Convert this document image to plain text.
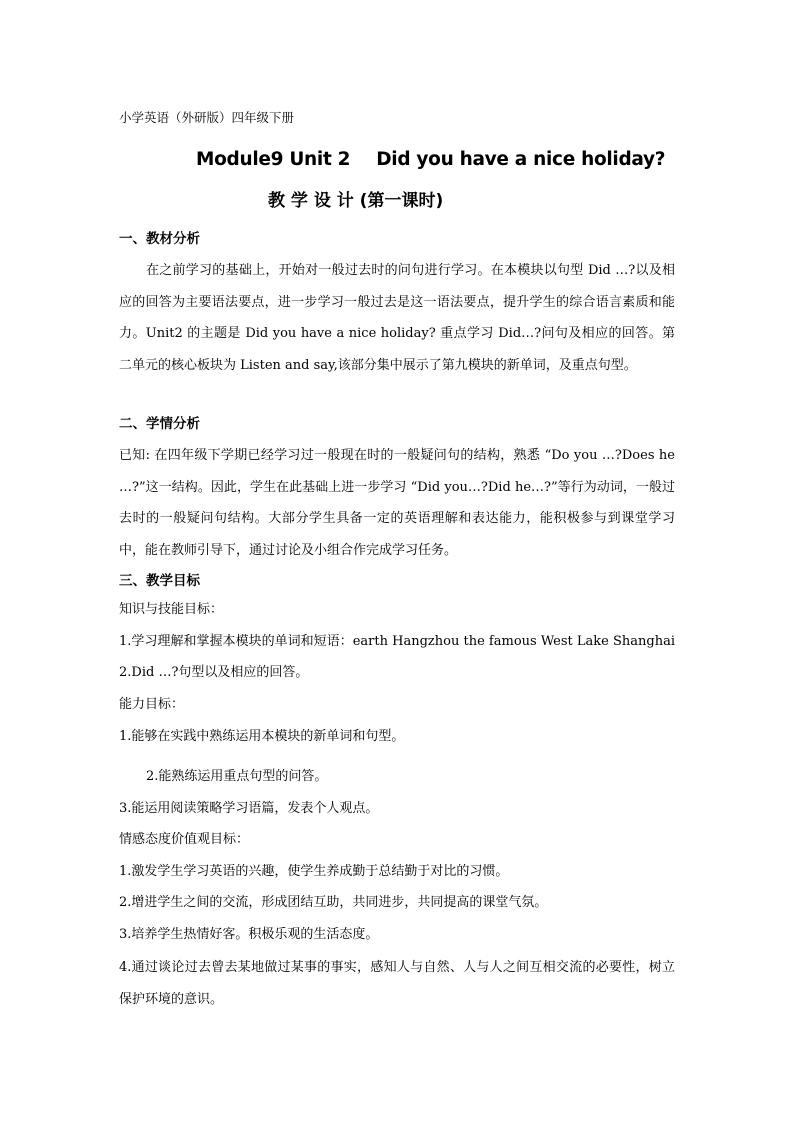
小学英语（外研版）四年级下册
Module9 Unit 2 Did you have a nice holiday?
教 学 设 计 (第一课时)
一、教材分析
在之前学习的基础上，开始对一般过去时的问句进行学习。在本模块以句型 Did …?以及相应的回答为主要语法要点，进一步学习一般过去是这一语法要点，提升学生的综合语言素质和能力。Unit2 的主题是 Did you have a nice holiday? 重点学习 Did…?问句及相应的回答。第二单元的核心板块为 Listen and say,该部分集中展示了第九模块的新单词，及重点句型。
二、学情分析
已知: 在四年级下学期已经学习过一般现在时的一般疑问句的结构，熟悉 “Do you …?Does he …?”这一结构。因此，学生在此基础上进一步学习 “Did you…?Did he…?”等行为动词，一般过去时的一般疑问句结构。大部分学生具备一定的英语理解和表达能力，能积极参与到课堂学习中，能在教师引导下，通过讨论及小组合作完成学习任务。
三、教学目标
知识与技能目标：
1.学习理解和掌握本模块的单词和短语：earth Hangzhou the famous West Lake Shanghai
2.Did …?句型以及相应的回答。
能力目标：
1.能够在实践中熟练运用本模块的新单词和句型。
2.能熟练运用重点句型的问答。
3.能运用阅读策略学习语篇，发表个人观点。
情感态度价值观目标：
1.激发学生学习英语的兴趣，使学生养成勤于总结勤于对比的习惯。
2.增进学生之间的交流，形成团结互助，共同进步，共同提高的课堂气氛。
3.培养学生热情好客。积极乐观的生活态度。
4.通过谈论过去曾去某地做过某事的事实，感知人与自然、人与人之间互相交流的必要性，树立保护环境的意识。
